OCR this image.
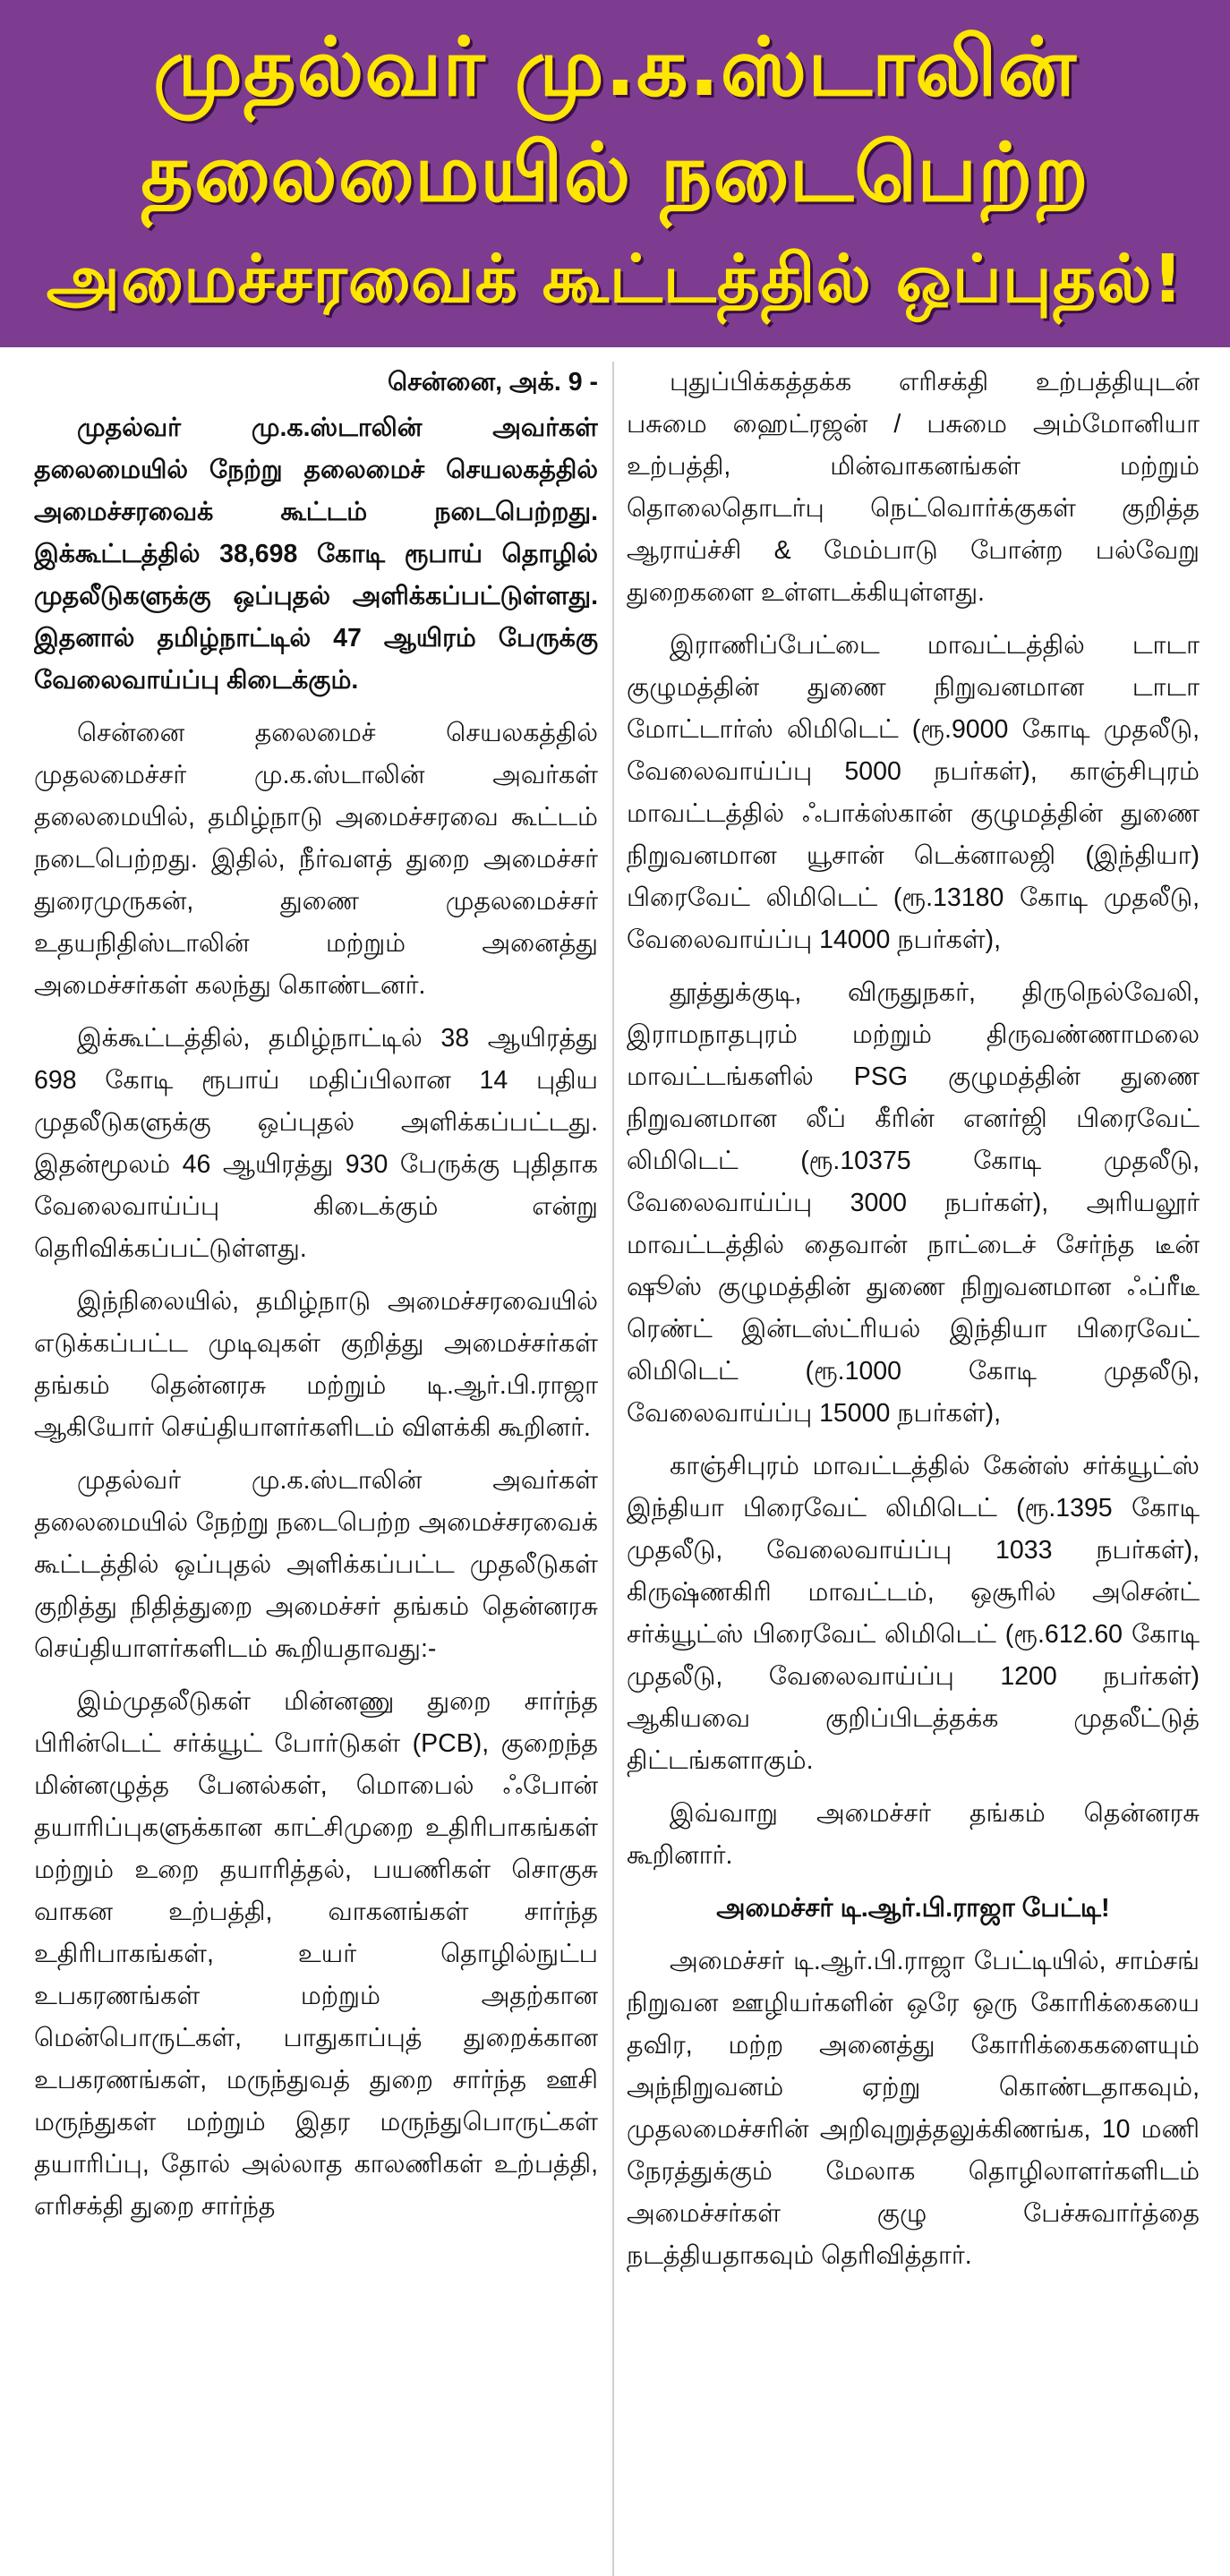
முதல்வர் மு.க.ஸ்டாலின்
தலைமையில் நடைபெற்ற
அமைச்சரவைக் கூட்டத்தில் ஒப்புதல்!

சென்னை, அக். 9 -

முதல்வர் மு.க.ஸ்டாலின் அவர்கள் தலைமையில் நேற்று தலைமைச் செயலகத்தில் அமைச்சரவைக் கூட்டம் நடைபெற்றது. இக்கூட்டத்தில் 38,698 கோடி ரூபாய் தொழில் முதலீடுகளுக்கு ஒப்புதல் அளிக்கப்பட்டுள்ளது. இதனால் தமிழ்நாட்டில் 47 ஆயிரம் பேருக்கு வேலைவாய்ப்பு கிடைக்கும்.

சென்னை தலைமைச் செயலகத்தில் முதலமைச்சர் மு.க.ஸ்டாலின் அவர்கள் தலைமையில், தமிழ்நாடு அமைச்சரவை கூட்டம் நடைபெற்றது. இதில், நீர்வளத் துறை அமைச்சர் துரைமுருகன், துணை முதலமைச்சர் உதயநிதிஸ்டாலின் மற்றும் அனைத்து அமைச்சர்கள் கலந்து கொண்டனர்.

இக்கூட்டத்தில், தமிழ்நாட்டில் 38 ஆயிரத்து 698 கோடி ரூபாய் மதிப்பிலான 14 புதிய முதலீடுகளுக்கு ஒப்புதல் அளிக்கப்பட்டது. இதன்மூலம் 46 ஆயிரத்து 930 பேருக்கு புதிதாக வேலைவாய்ப்பு கிடைக்கும் என்று தெரிவிக்கப்பட்டுள்ளது.

இந்நிலையில், தமிழ்நாடு அமைச்சரவையில் எடுக்கப்பட்ட முடிவுகள் குறித்து அமைச்சர்கள் தங்கம் தென்னரசு மற்றும் டி.ஆர்.பி.ராஜா ஆகியோர் செய்தியாளர்களிடம் விளக்கி கூறினர்.

முதல்வர் மு.க.ஸ்டாலின் அவர்கள் தலைமையில் நேற்று நடைபெற்ற அமைச்சரவைக் கூட்டத்தில் ஒப்புதல் அளிக்கப்பட்ட முதலீடுகள் குறித்து நிதித்துறை அமைச்சர் தங்கம் தென்னரசு செய்தியாளர்களிடம் கூறியதாவது:-

இம்முதலீடுகள் மின்னணு துறை சார்ந்த பிரின்டெட் சர்க்யூட் போர்டுகள் (PCB), குறைந்த மின்னழுத்த பேனல்கள், மொபைல் ஃபோன் தயாரிப்புகளுக்கான காட்சிமுறை உதிரிபாகங்கள் மற்றும் உறை தயாரித்தல், பயணிகள் சொகுசு வாகன உற்பத்தி, வாகனங்கள் சார்ந்த உதிரிபாகங்கள், உயர் தொழில்நுட்ப உபகரணங்கள் மற்றும் அதற்கான மென்பொருட்கள், பாதுகாப்புத் துறைக்கான உபகரணங்கள், மருந்துவத் துறை சார்ந்த ஊசி மருந்துகள் மற்றும் இதர மருந்துபொருட்கள் தயாரிப்பு, தோல் அல்லாத காலணிகள் உற்பத்தி, எரிசக்தி துறை சார்ந்த

புதுப்பிக்கத்தக்க எரிசக்தி உற்பத்தியுடன் பசுமை ஹைட்ரஜன் / பசுமை அம்மோனியா உற்பத்தி, மின்வாகனங்கள் மற்றும் தொலைதொடர்பு நெட்வொர்க்குகள் குறித்த ஆராய்ச்சி & மேம்பாடு போன்ற பல்வேறு துறைகளை உள்ளடக்கியுள்ளது.

இராணிப்பேட்டை மாவட்டத்தில் டாடா குழுமத்தின் துணை நிறுவனமான டாடா மோட்டார்ஸ் லிமிடெட் (ரூ.9000 கோடி முதலீடு, வேலைவாய்ப்பு 5000 நபர்கள்), காஞ்சிபுரம் மாவட்டத்தில் ஃபாக்ஸ்கான் குழுமத்தின் துணை நிறுவனமான யூசான் டெக்னாலஜி (இந்தியா) பிரைவேட் லிமிடெட் (ரூ.13180 கோடி முதலீடு, வேலைவாய்ப்பு 14000 நபர்கள்),

தூத்துக்குடி, விருதுநகர், திருநெல்வேலி, இராமநாதபுரம் மற்றும் திருவண்ணாமலை மாவட்டங்களில் PSG குழுமத்தின் துணை நிறுவனமான லீப் கீரின் எனர்ஜி பிரைவேட் லிமிடெட் (ரூ.10375 கோடி முதலீடு, வேலைவாய்ப்பு 3000 நபர்கள்), அரியலூர் மாவட்டத்தில் தைவான் நாட்டைச் சேர்ந்த டீன் ஷூஸ் குழுமத்தின் துணை நிறுவனமான ஃப்ரீடீ ரெண்ட் இன்டஸ்ட்ரியல் இந்தியா பிரைவேட் லிமிடெட் (ரூ.1000 கோடி முதலீடு, வேலைவாய்ப்பு 15000 நபர்கள்),

காஞ்சிபுரம் மாவட்டத்தில் கேன்ஸ் சர்க்யூட்ஸ் இந்தியா பிரைவேட் லிமிடெட் (ரூ.1395 கோடி முதலீடு, வேலைவாய்ப்பு 1033 நபர்கள்), கிருஷ்ணகிரி மாவட்டம், ஒசூரில் அசென்ட் சர்க்யூட்ஸ் பிரைவேட் லிமிடெட் (ரூ.612.60 கோடி முதலீடு, வேலைவாய்ப்பு 1200 நபர்கள்) ஆகியவை குறிப்பிடத்தக்க முதலீட்டுத் திட்டங்களாகும்.

இவ்வாறு அமைச்சர் தங்கம் தென்னரசு கூறினார்.

அமைச்சர் டி.ஆர்.பி.ராஜா பேட்டி!

அமைச்சர் டி.ஆர்.பி.ராஜா பேட்டியில், சாம்சங் நிறுவன ஊழியர்களின் ஒரே ஒரு கோரிக்கையை தவிர, மற்ற அனைத்து கோரிக்கைகளையும் அந்நிறுவனம் ஏற்று கொண்டதாகவும், முதலமைச்சரின் அறிவுறுத்தலுக்கிணங்க, 10 மணி நேரத்துக்கும் மேலாக தொழிலாளர்களிடம் அமைச்சர்கள் குழு பேச்சுவார்த்தை நடத்தியதாகவும் தெரிவித்தார்.
